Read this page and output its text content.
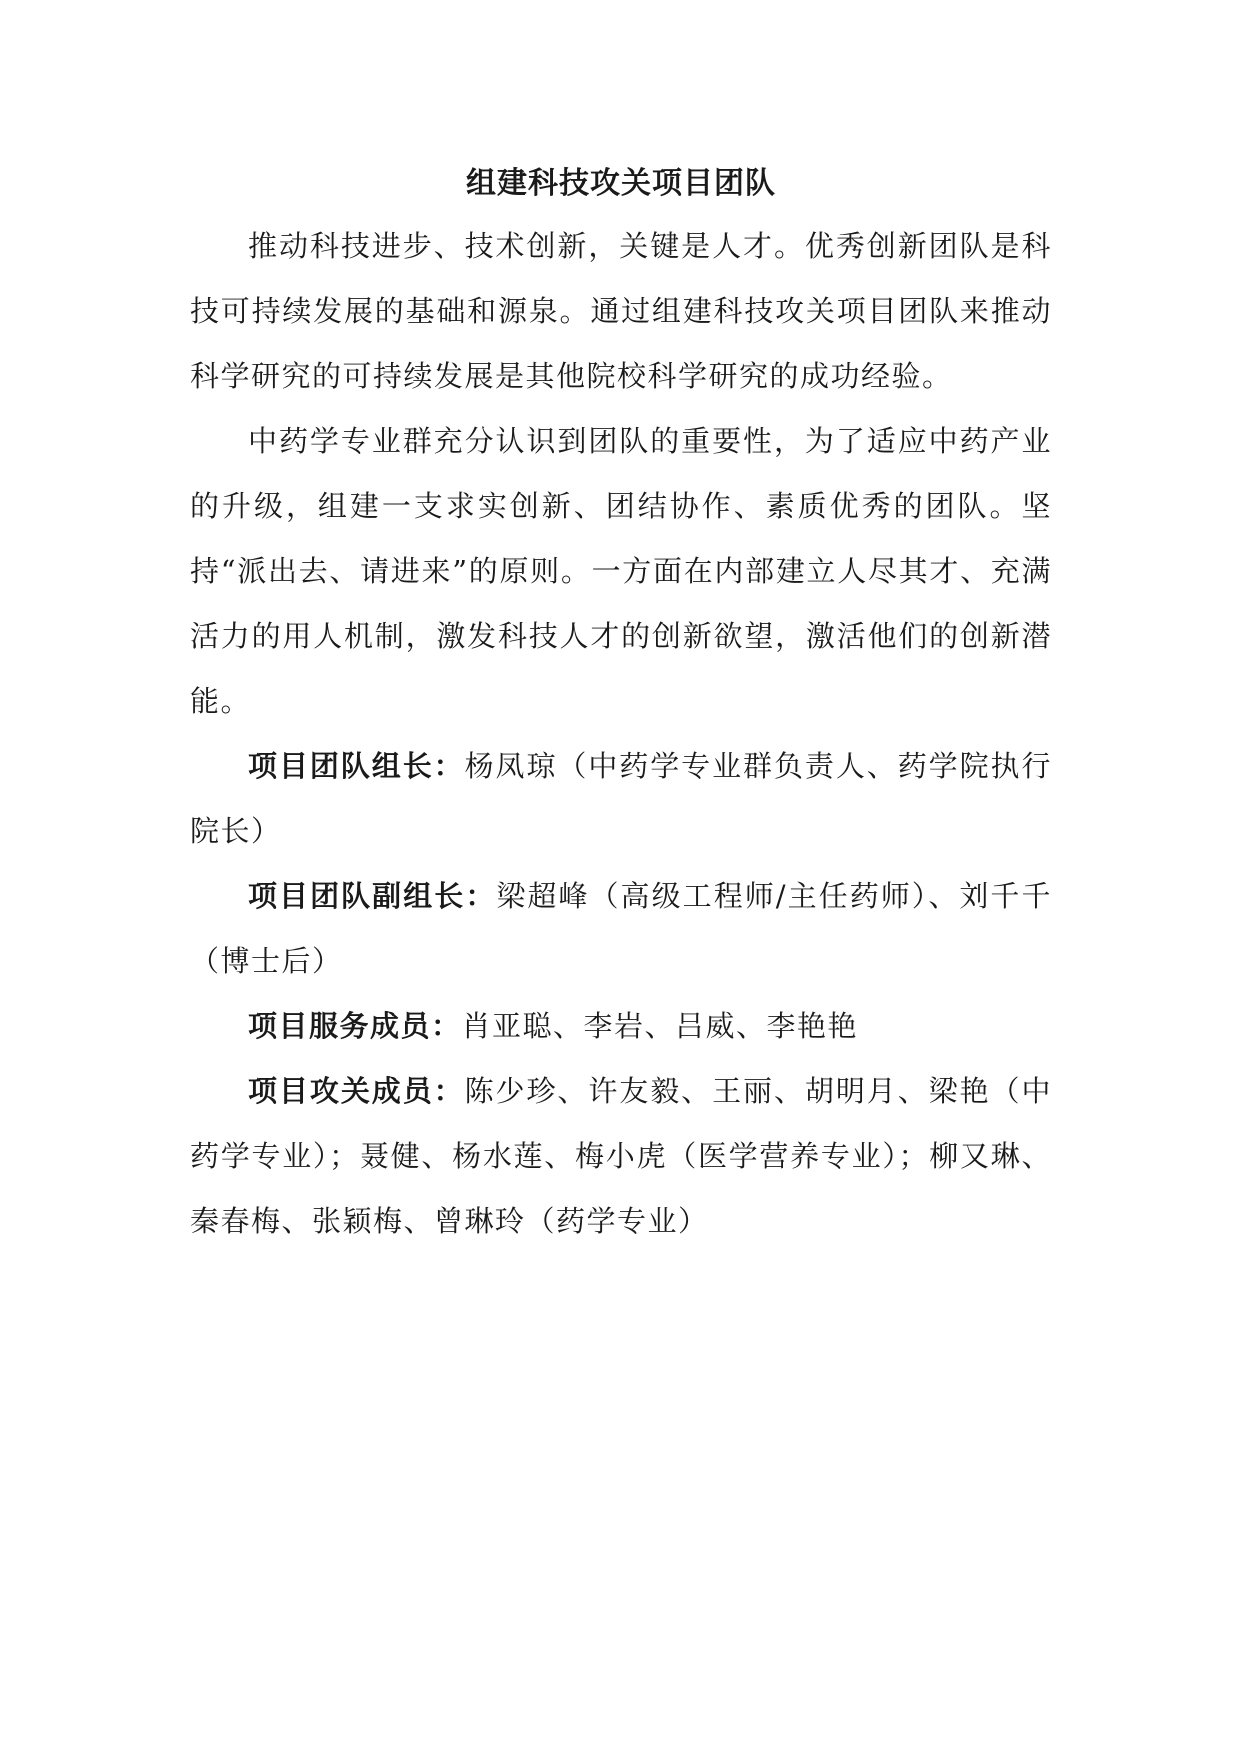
组建科技攻关项目团队

推动科技进步、技术创新，关键是人才。优秀创新团队是科技可持续发展的基础和源泉。通过组建科技攻关项目团队来推动科学研究的可持续发展是其他院校科学研究的成功经验。

中药学专业群充分认识到团队的重要性，为了适应中药产业的升级，组建一支求实创新、团结协作、素质优秀的团队。坚持“派出去、请进来”的原则。一方面在内部建立人尽其才、充满活力的用人机制，激发科技人才的创新欲望，激活他们的创新潜能。

项目团队组长：杨凤琼（中药学专业群负责人、药学院执行院长）

项目团队副组长：梁超峰（高级工程师/主任药师）、刘千千（博士后）

项目服务成员：肖亚聪、李岩、吕威、李艳艳

项目攻关成员：陈少珍、许友毅、王丽、胡明月、梁艳（中药学专业）；聂健、杨水莲、梅小虎（医学营养专业）；柳又琳、秦春梅、张颖梅、曾琳玲（药学专业）
